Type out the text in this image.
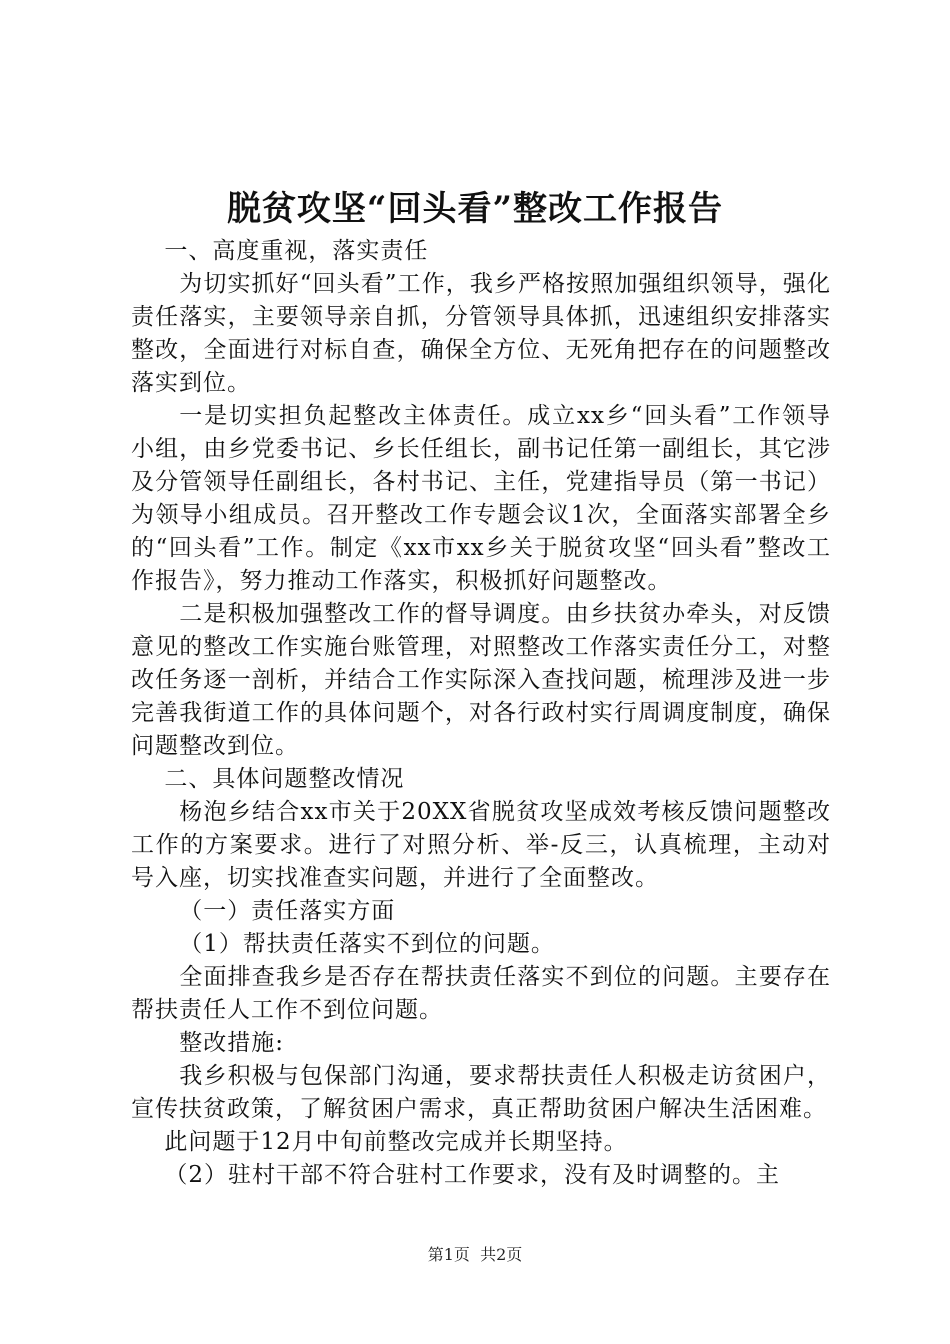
脱贫攻坚“回头看”整改工作报告

一、高度重视，落实责任

为切实抓好“回头看”工作，我乡严格按照加强组织领导，强化责任落实，主要领导亲自抓，分管领导具体抓，迅速组织安排落实整改，全面进行对标自查，确保全方位、无死角把存在的问题整改落实到位。

一是切实担负起整改主体责任。成立xx乡“回头看”工作领导小组，由乡党委书记、乡长任组长，副书记任第一副组长，其它涉及分管领导任副组长，各村书记、主任，党建指导员（第一书记）为领导小组成员。召开整改工作专题会议1次，全面落实部署全乡的“回头看”工作。制定《xx市xx乡关于脱贫攻坚“回头看”整改工作报告》，努力推动工作落实，积极抓好问题整改。

二是积极加强整改工作的督导调度。由乡扶贫办牵头，对反馈意见的整改工作实施台账管理，对照整改工作落实责任分工，对整改任务逐一剖析，并结合工作实际深入查找问题，梳理涉及进一步完善我街道工作的具体问题个，对各行政村实行周调度制度，确保问题整改到位。

二、具体问题整改情况

杨泡乡结合xx市关于20XX省脱贫攻坚成效考核反馈问题整改工作的方案要求。进行了对照分析、举-反三，认真梳理，主动对号入座，切实找准查实问题，并进行了全面整改。

（一）责任落实方面

（1）帮扶责任落实不到位的问题。

全面排查我乡是否存在帮扶责任落实不到位的问题。主要存在帮扶责任人工作不到位问题。

整改措施:

我乡积极与包保部门沟通，要求帮扶责任人积极走访贫困户，宣传扶贫政策，了解贫困户需求，真正帮助贫困户解决生活困难。

此问题于12月中旬前整改完成并长期坚持。

（2）驻村干部不符合驻村工作要求，没有及时调整的。主

第1页 共2页
